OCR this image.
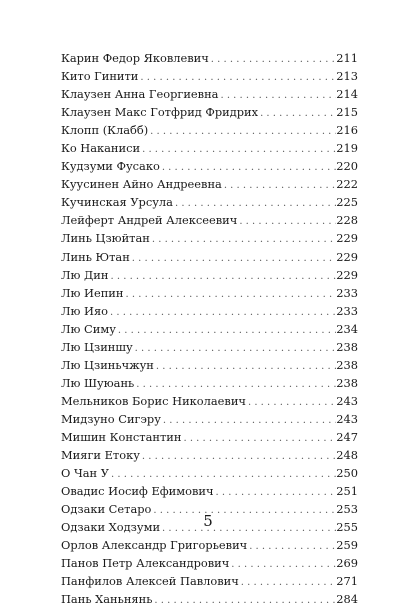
Карин Федор Яковлевич . . .	211
Кито Гинити . . .	213
Клаузен Анна Георгиевна . . .	214
Клаузен Макс Готфрид Фридрих . . .	215
Клопп (Клабб) . . .	216
Ко Наканиси . . .	219
Кудзуми Фусако . . .	220
Куусинен Айно Андреевна . . .	222
Кучинская Урсула . . .	225
Лейферт Андрей Алексеевич . . .	228
Линь Цзюйтан . . .	229
Линь Ютан . . .	229
Лю Дин . . .	229
Лю Иепин . . .	233
Лю Ияо . . .	233
Лю Симу . . .	234
Лю Цзиншу . . .	238
Лю Цзиньчжун . . .	238
Лю Шуюань . . .	238
Мельников Борис Николаевич . . .	243
Мидзуно Сигэру . . .	243
Мишин Константин . . .	247
Мияги Етоку . . .	248
О Чан У . . .	250
Овадис Иосиф Ефимович . . .	251
Одзаки Сетаро . . .	253
Одзаки Ходзуми . . .	255
Орлов Александр Григорьевич . . .	259
Панов Петр Александрович . . .	269
Панфилов Алексей Павлович . . .	271
Пань Ханьнянь . . .	284
5
